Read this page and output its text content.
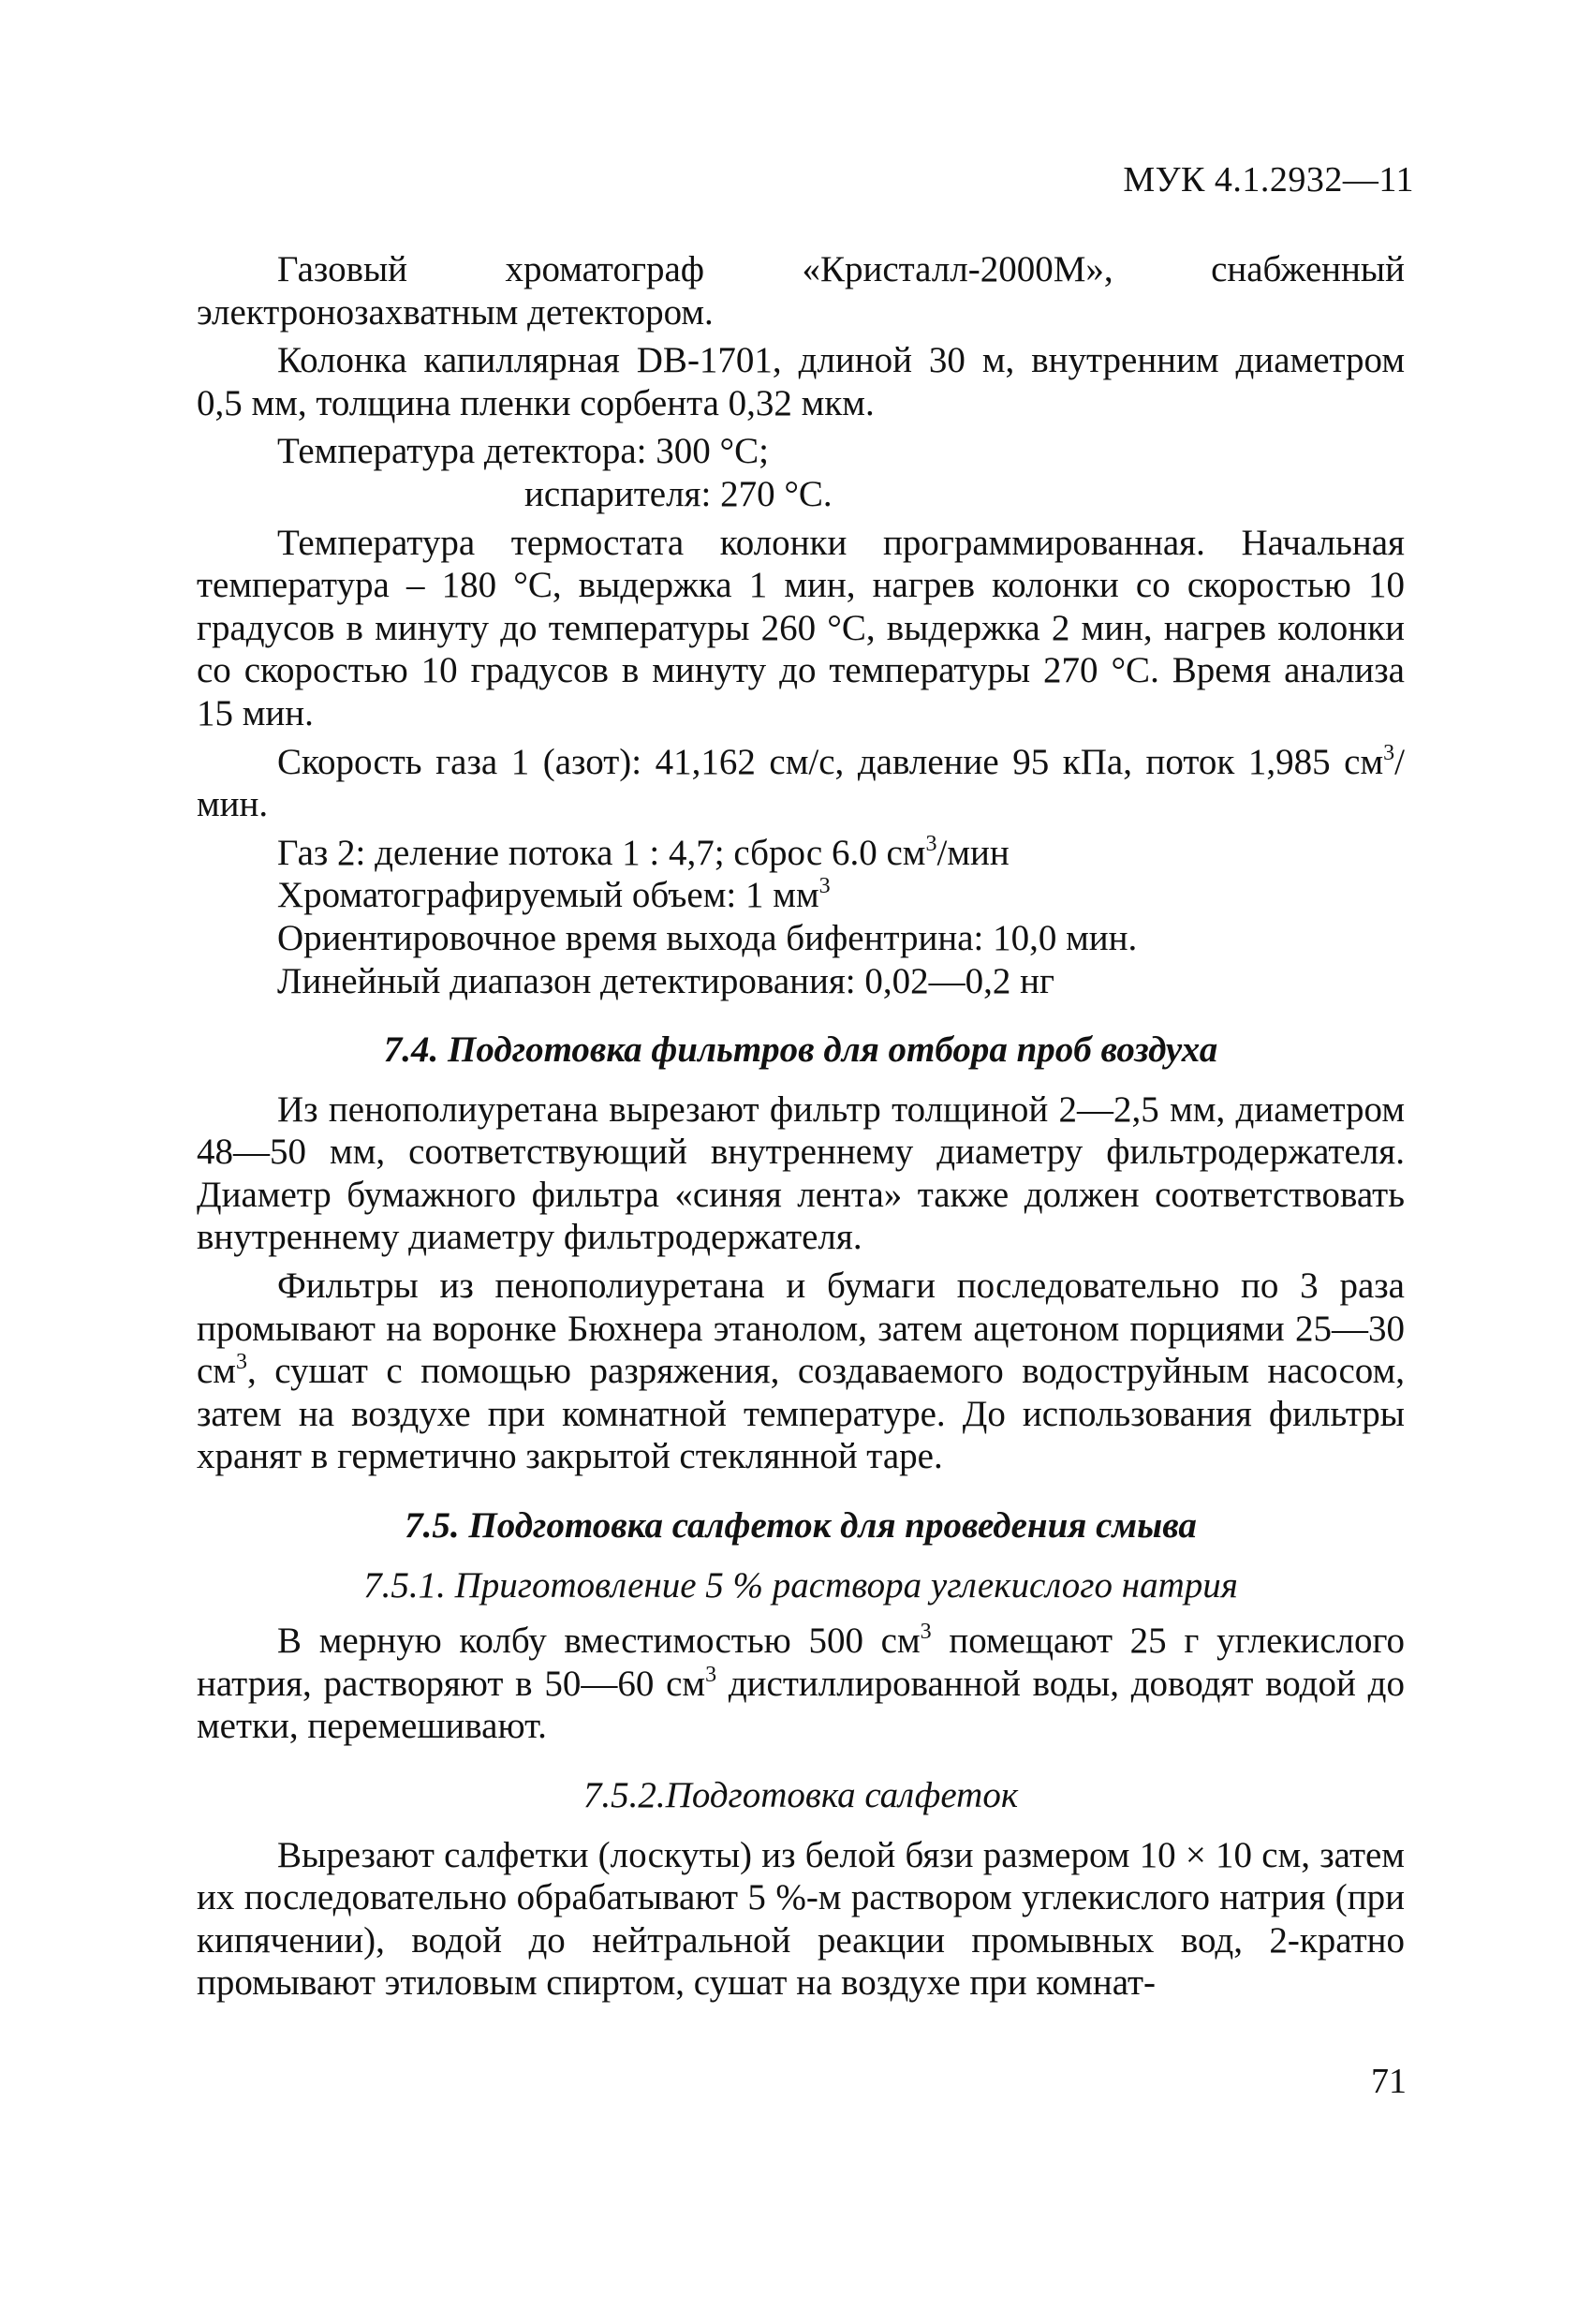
МУК 4.1.2932—11

Газовый хроматограф «Кристалл-2000М», снабженный электронозахватным детектором.

Колонка капиллярная DB-1701, длиной 30 м, внутренним диаметром 0,5 мм, толщина пленки сорбента 0,32 мкм.

Температура детектора: 300 °С;

испарителя: 270 °С.

Температура термостата колонки программированная. Начальная температура – 180 °С, выдержка 1 мин, нагрев колонки со скоростью 10 градусов в минуту до температуры 260 °С, выдержка 2 мин, нагрев колонки со скоростью 10 градусов в минуту до температуры 270 °С. Время анализа 15 мин.

Скорость газа 1 (азот): 41,162 см/с, давление 95 кПа, поток 1,985 $см^3$/мин.

Газ 2: деление потока 1 : 4,7; сброс 6.0 $см^3$/мин

Хроматографируемый объем: 1 $мм^3$

Ориентировочное время выхода бифентрина: 10,0 мин.

Линейный диапазон детектирования: 0,02—0,2 нг

7.4. Подготовка фильтров для отбора проб воздуха

Из пенополиуретана вырезают фильтр толщиной 2—2,5 мм, диаметром 48—50 мм, соответствующий внутреннему диаметру фильтродержателя. Диаметр бумажного фильтра «синяя лента» также должен соответствовать внутреннему диаметру фильтродержателя.

Фильтры из пенополиуретана и бумаги последовательно по 3 раза промывают на воронке Бюхнера этанолом, затем ацетоном порциями 25—30 $см^3$, сушат с помощью разряжения, создаваемого водоструйным насосом, затем на воздухе при комнатной температуре. До использования фильтры хранят в герметично закрытой стеклянной таре.

7.5. Подготовка салфеток для проведения смыва

7.5.1. Приготовление 5 % раствора углекислого натрия

В мерную колбу вместимостью 500 $см^3$ помещают 25 г углекислого натрия, растворяют в 50—60 $см^3$ дистиллированной воды, доводят водой до метки, перемешивают.

7.5.2.Подготовка салфеток

Вырезают салфетки (лоскуты) из белой бязи размером 10 × 10 см, затем их последовательно обрабатывают 5 %-м раствором углекислого натрия (при кипячении), водой до нейтральной реакции промывных вод, 2-кратно промывают этиловым спиртом, сушат на воздухе при комнат-

71
